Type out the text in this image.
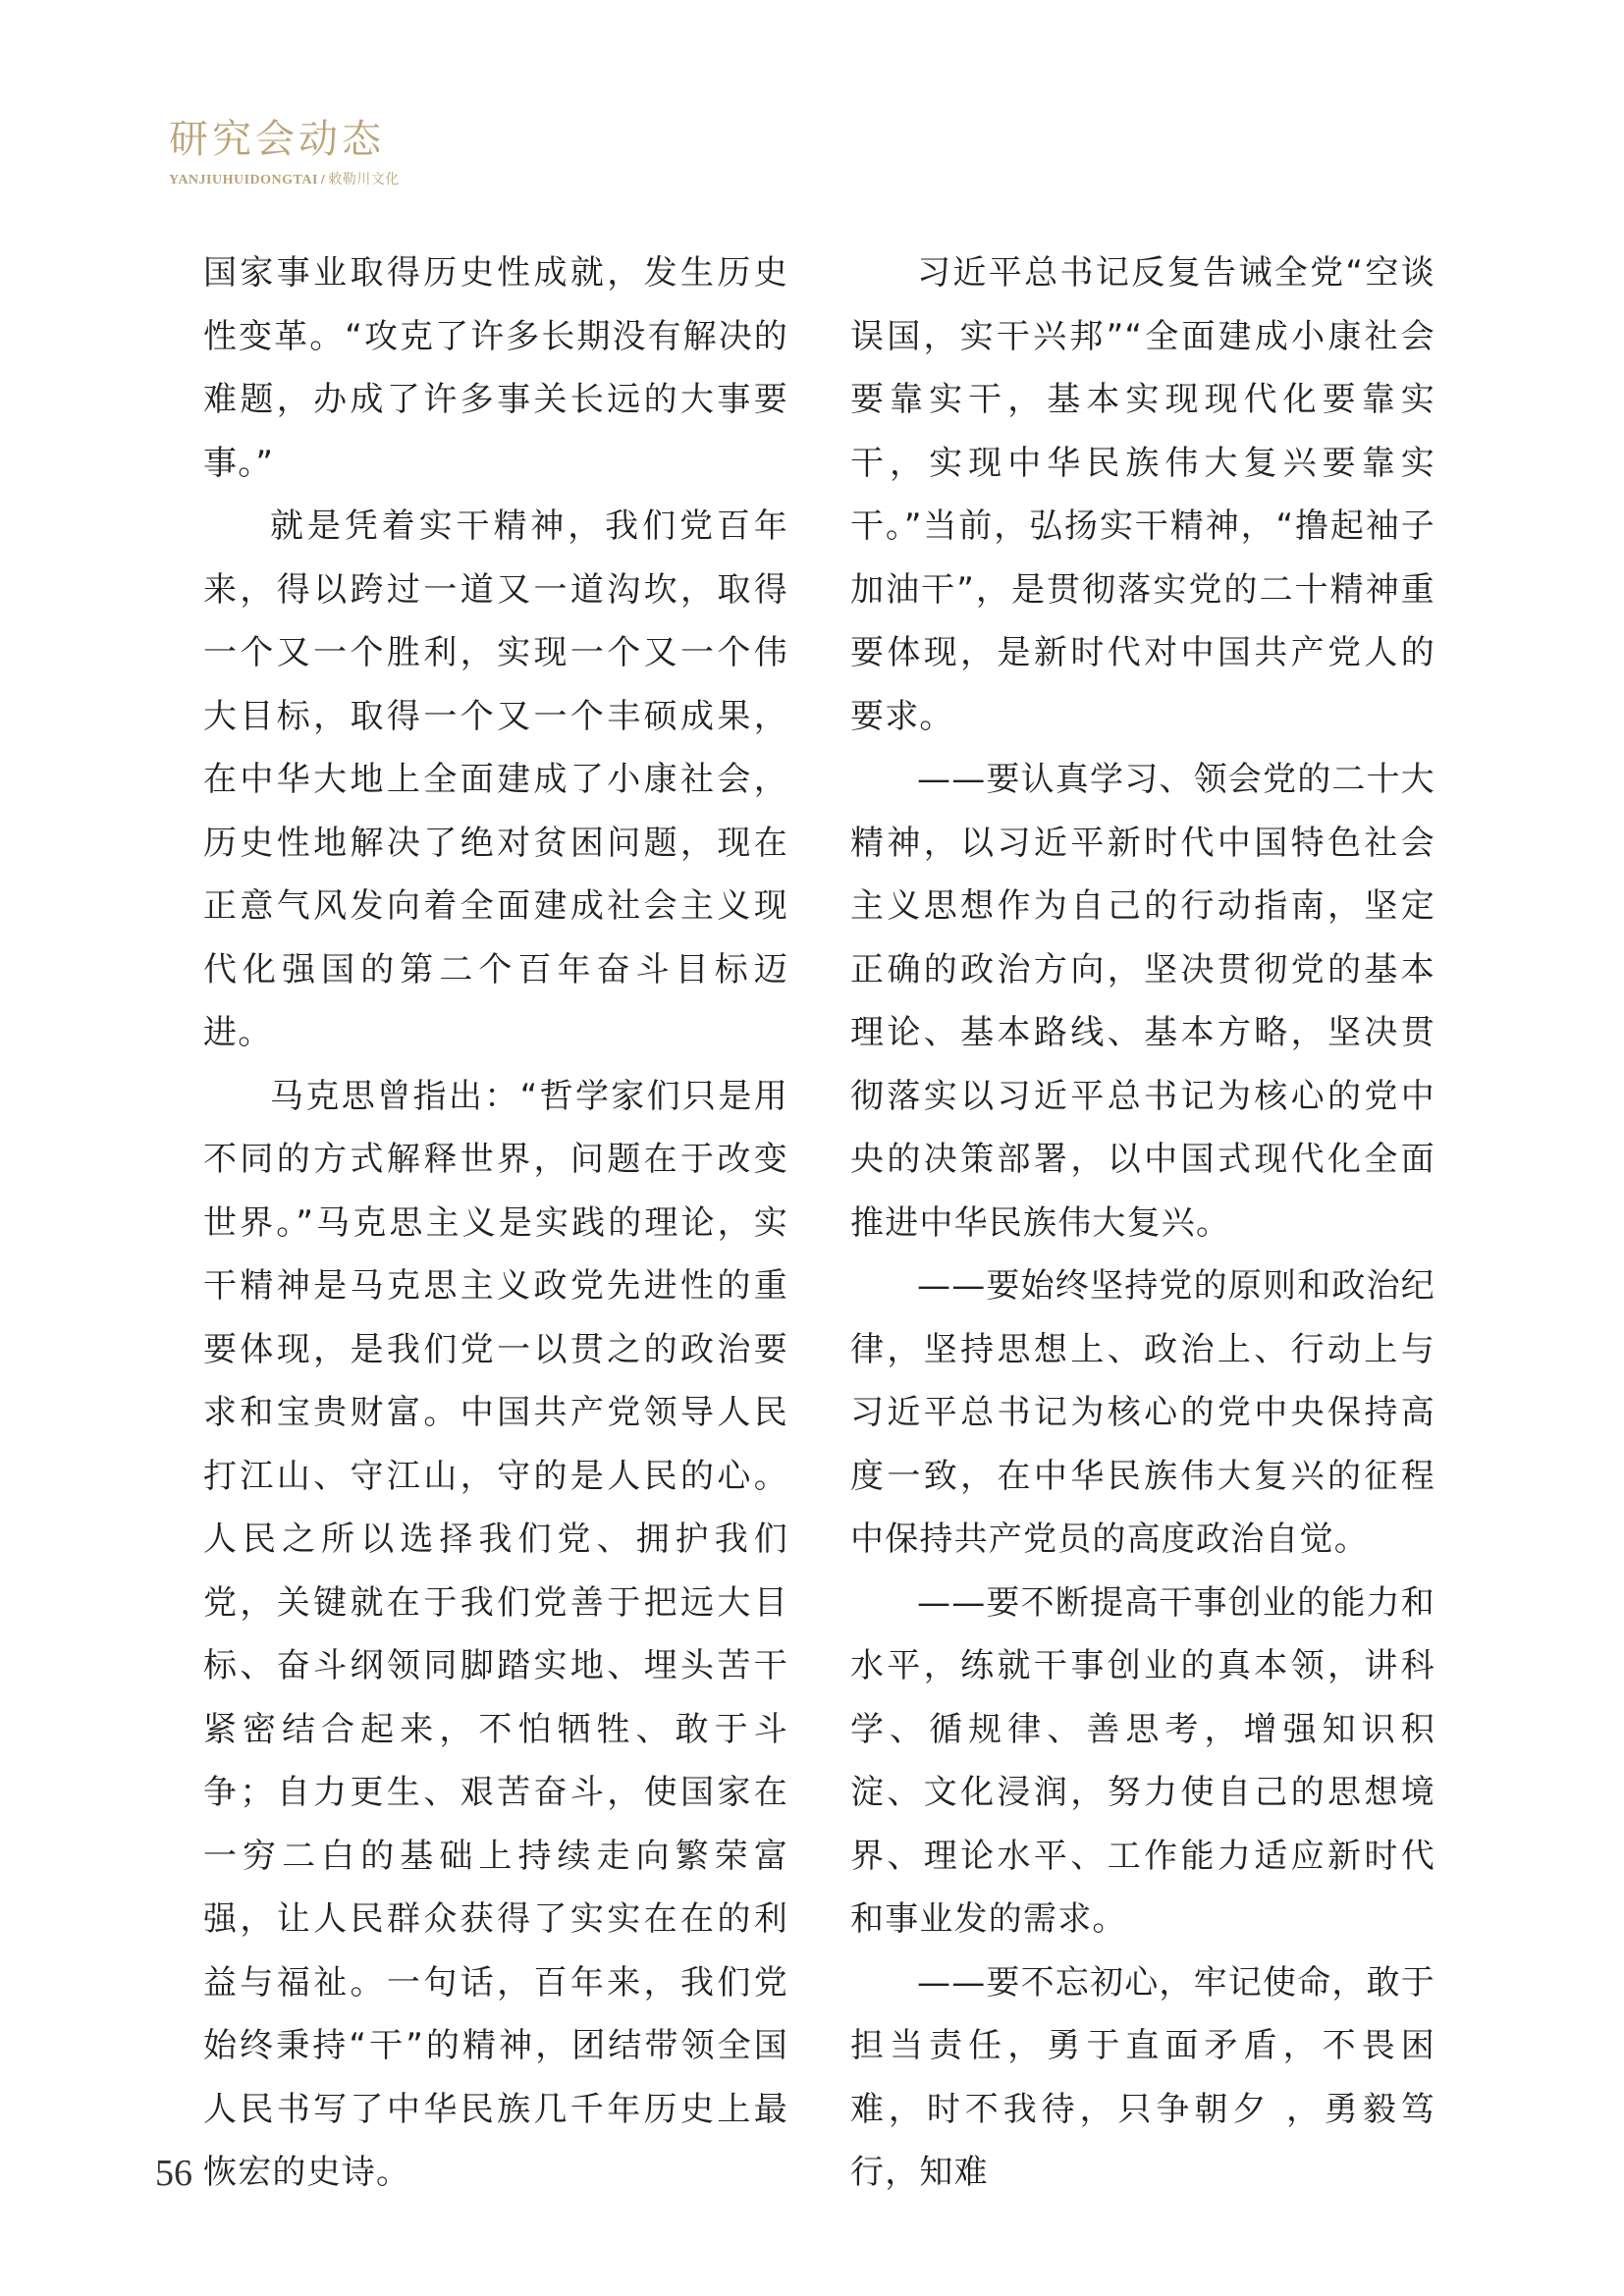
研究会动态
YANJIUHUIDONGTAI / 敕勒川文化

国家事业取得历史性成就，发生历史性变革。“攻克了许多长期没有解决的难题，办成了许多事关长远的大事要事。”

就是凭着实干精神，我们党百年来，得以跨过一道又一道沟坎，取得一个又一个胜利，实现一个又一个伟大目标，取得一个又一个丰硕成果，在中华大地上全面建成了小康社会，历史性地解决了绝对贫困问题，现在正意气风发向着全面建成社会主义现代化强国的第二个百年奋斗目标迈进。

马克思曾指出：“哲学家们只是用不同的方式解释世界，问题在于改变世界。”马克思主义是实践的理论，实干精神是马克思主义政党先进性的重要体现，是我们党一以贯之的政治要求和宝贵财富。中国共产党领导人民打江山、守江山，守的是人民的心。人民之所以选择我们党、拥护我们党，关键就在于我们党善于把远大目标、奋斗纲领同脚踏实地、埋头苦干紧密结合起来，不怕牺牲、敢于斗争；自力更生、艰苦奋斗，使国家在一穷二白的基础上持续走向繁荣富强，让人民群众获得了实实在在的利益与福祉。一句话，百年来，我们党始终秉持“干”的精神，团结带领全国人民书写了中华民族几千年历史上最恢宏的史诗。

习近平总书记反复告诫全党“空谈误国，实干兴邦”“全面建成小康社会要靠实干，基本实现现代化要靠实干，实现中华民族伟大复兴要靠实干。”当前，弘扬实干精神，“撸起袖子加油干”，是贯彻落实党的二十精神重要体现，是新时代对中国共产党人的要求。

——要认真学习、领会党的二十大精神，以习近平新时代中国特色社会主义思想作为自己的行动指南，坚定正确的政治方向，坚决贯彻党的基本理论、基本路线、基本方略，坚决贯彻落实以习近平总书记为核心的党中央的决策部署，以中国式现代化全面推进中华民族伟大复兴。

——要始终坚持党的原则和政治纪律，坚持思想上、政治上、行动上与习近平总书记为核心的党中央保持高度一致，在中华民族伟大复兴的征程中保持共产党员的高度政治自觉。

——要不断提高干事创业的能力和水平，练就干事创业的真本领，讲科学、循规律、善思考，增强知识积淀、文化浸润，努力使自己的思想境界、理论水平、工作能力适应新时代和事业发的需求。

——要不忘初心，牢记使命，敢于担当责任，勇于直面矛盾，不畏困难，时不我待，只争朝夕 ，勇毅笃行，知难

56
